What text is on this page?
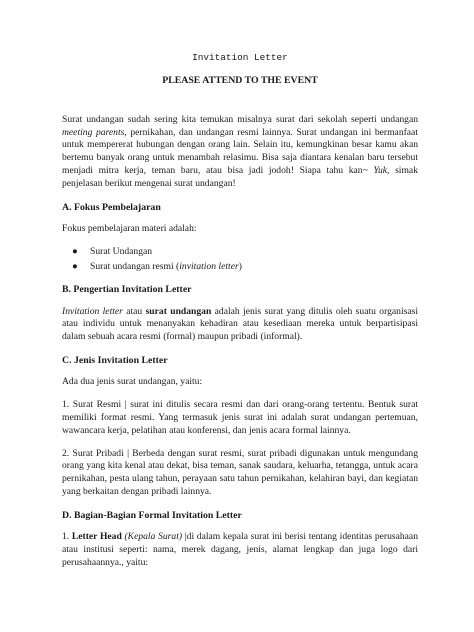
Invitation Letter
PLEASE ATTEND TO THE EVENT

Surat undangan sudah sering kita temukan misalnya surat dari sekolah seperti undangan meeting parents, pernikahan, dan undangan resmi lainnya. Surat undangan ini bermanfaat untuk mempererat hubungan dengan orang lain. Selain itu, kemungkinan besar kamu akan bertemu banyak orang untuk menambah relasimu. Bisa saja diantara kenalan baru tersebut menjadi mitra kerja, teman baru, atau bisa jadi jodoh! Siapa tahu kan~ Yuk, simak penjelasan berikut mengenai surat undangan!

A. Fokus Pembelajaran

Fokus pembelajaran materi adalah:

● Surat Undangan
● Surat undangan resmi (invitation letter)
B. Pengertian Invitation Letter

Invitation letter atau surat undangan adalah jenis surat yang ditulis oleh suatu organisasi atau individu untuk menanyakan kehadiran atau kesediaan mereka untuk berpartisipasi dalam sebuah acara resmi (formal) maupun pribadi (informal).

C. Jenis Invitation Letter

Ada dua jenis surat undangan, yaitu:

1. Surat Resmi | surat ini ditulis secara resmi dan dari orang-orang tertentu. Bentuk surat memiliki format resmi. Yang termasuk jenis surat ini adalah surat undangan pertemuan, wawancara kerja, pelatihan atau konferensi, dan jenis acara formal lainnya.

2. Surat Pribadi | Berbeda dengan surat resmi, surat pribadi digunakan untuk mengundang orang yang kita kenal atau dekat, bisa teman, sanak saudara, keluarha, tetangga, untuk acara pernikahan, pesta ulang tahun, perayaan satu tahun pernikahan, kelahiran bayi, dan kegiatan yang berkaitan dengan pribadi lainnya.

D. Bagian-Bagian Formal Invitation Letter

1. Letter Head (Kepala Surat) |di dalam kepala surat ini berisi tentang identitas perusahaan atau institusi seperti: nama, merek dagang, jenis, alamat lengkap dan juga logo dari perusahaannya., yaitu:
